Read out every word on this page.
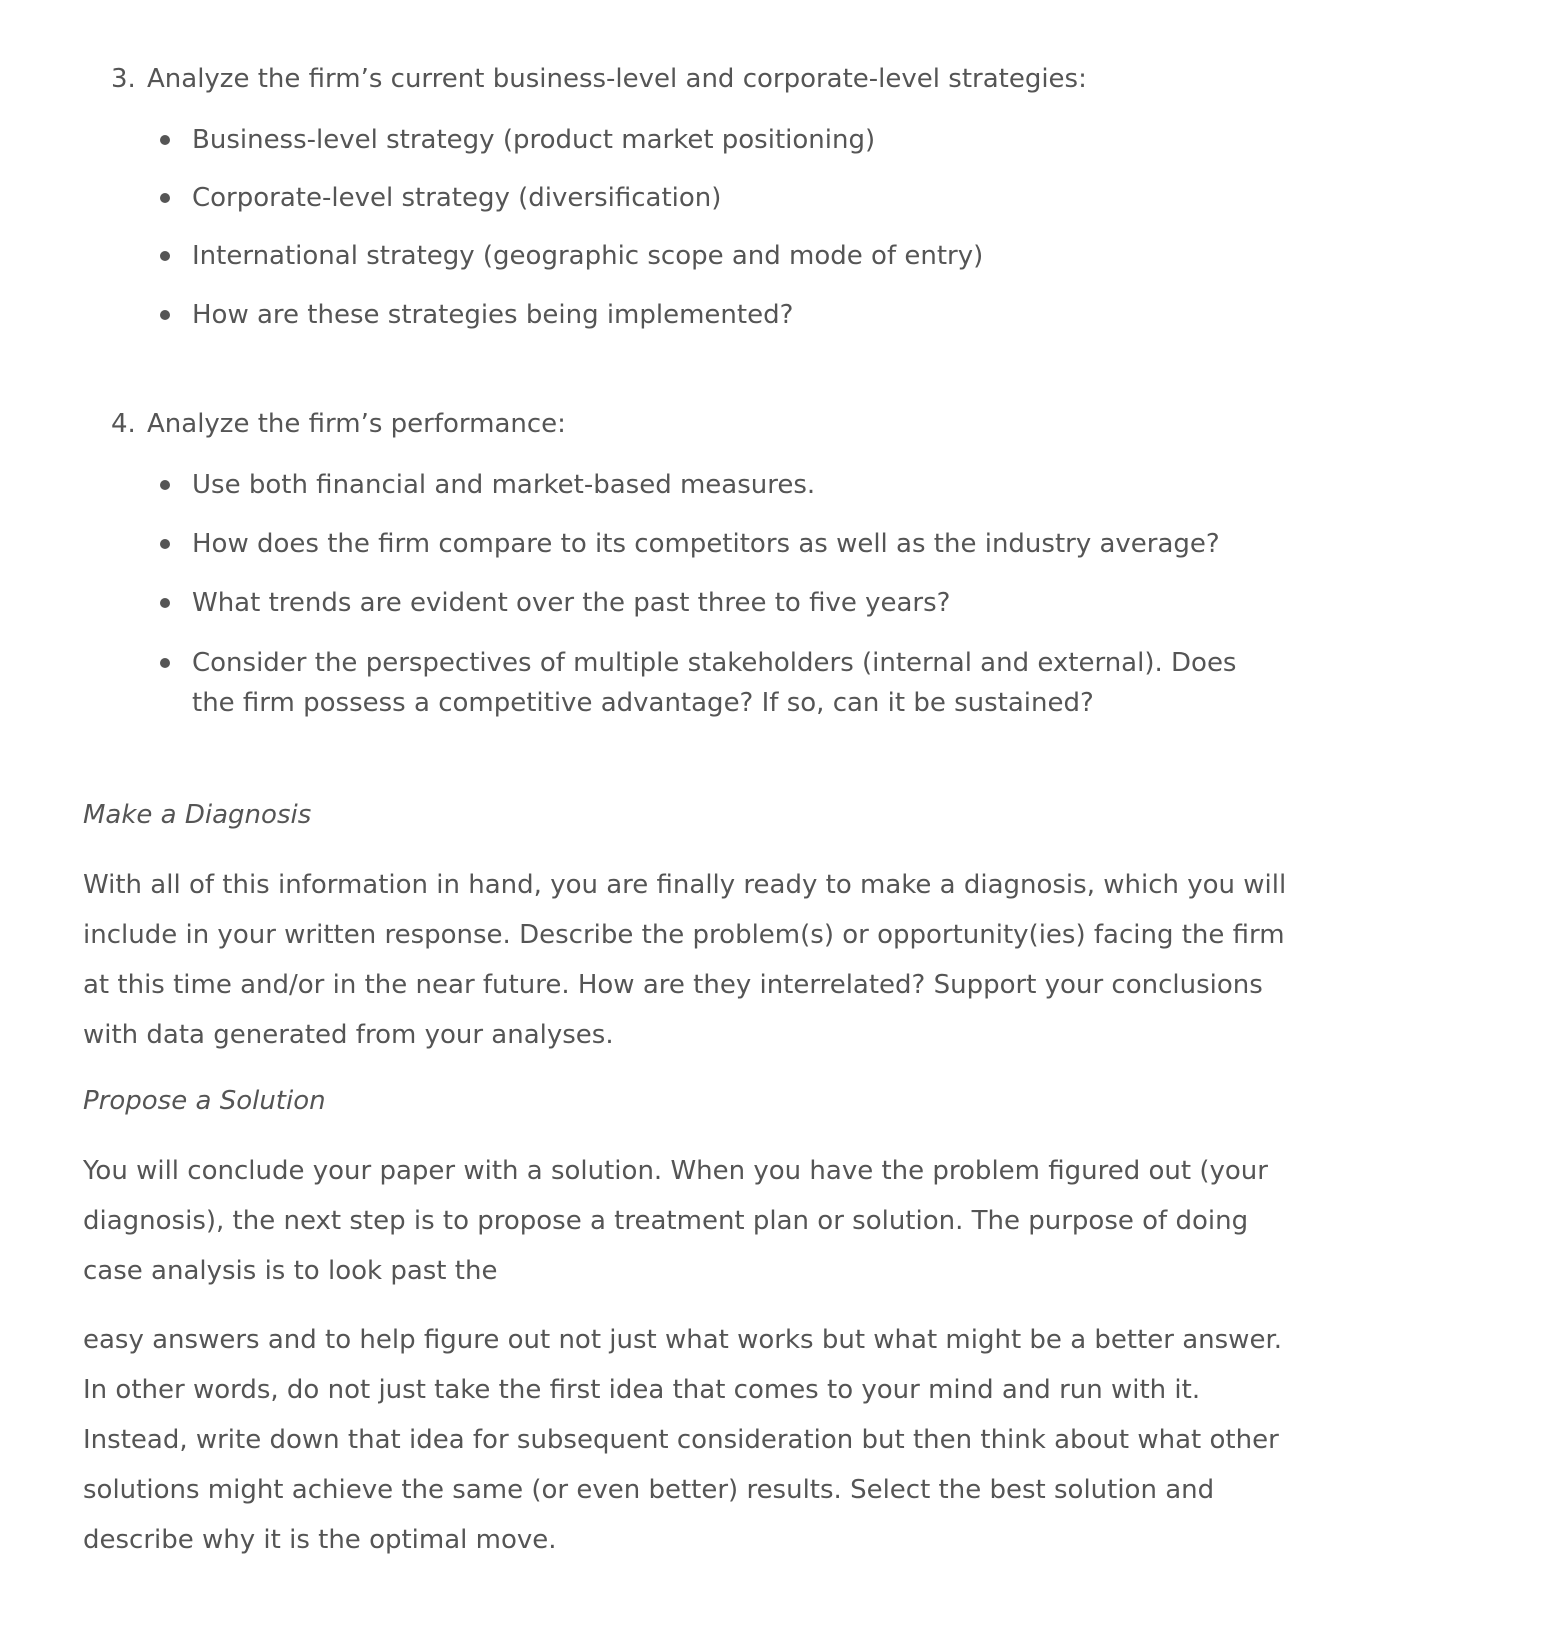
3. Analyze the firm’s current business-level and corporate-level strategies:
Business-level strategy (product market positioning)
Corporate-level strategy (diversification)
International strategy (geographic scope and mode of entry)
How are these strategies being implemented?
4. Analyze the firm’s performance:
Use both financial and market-based measures.
How does the firm compare to its competitors as well as the industry average?
What trends are evident over the past three to five years?
Consider the perspectives of multiple stakeholders (internal and external). Does
the firm possess a competitive advantage? If so, can it be sustained?
Make a Diagnosis
With all of this information in hand, you are finally ready to make a diagnosis, which you will
include in your written response. Describe the problem(s) or opportunity(ies) facing the firm
at this time and/or in the near future. How are they interrelated? Support your conclusions
with data generated from your analyses.
Propose a Solution
You will conclude your paper with a solution. When you have the problem figured out (your
diagnosis), the next step is to propose a treatment plan or solution. The purpose of doing
case analysis is to look past the
easy answers and to help figure out not just what works but what might be a better answer.
In other words, do not just take the first idea that comes to your mind and run with it.
Instead, write down that idea for subsequent consideration but then think about what other
solutions might achieve the same (or even better) results. Select the best solution and
describe why it is the optimal move.
